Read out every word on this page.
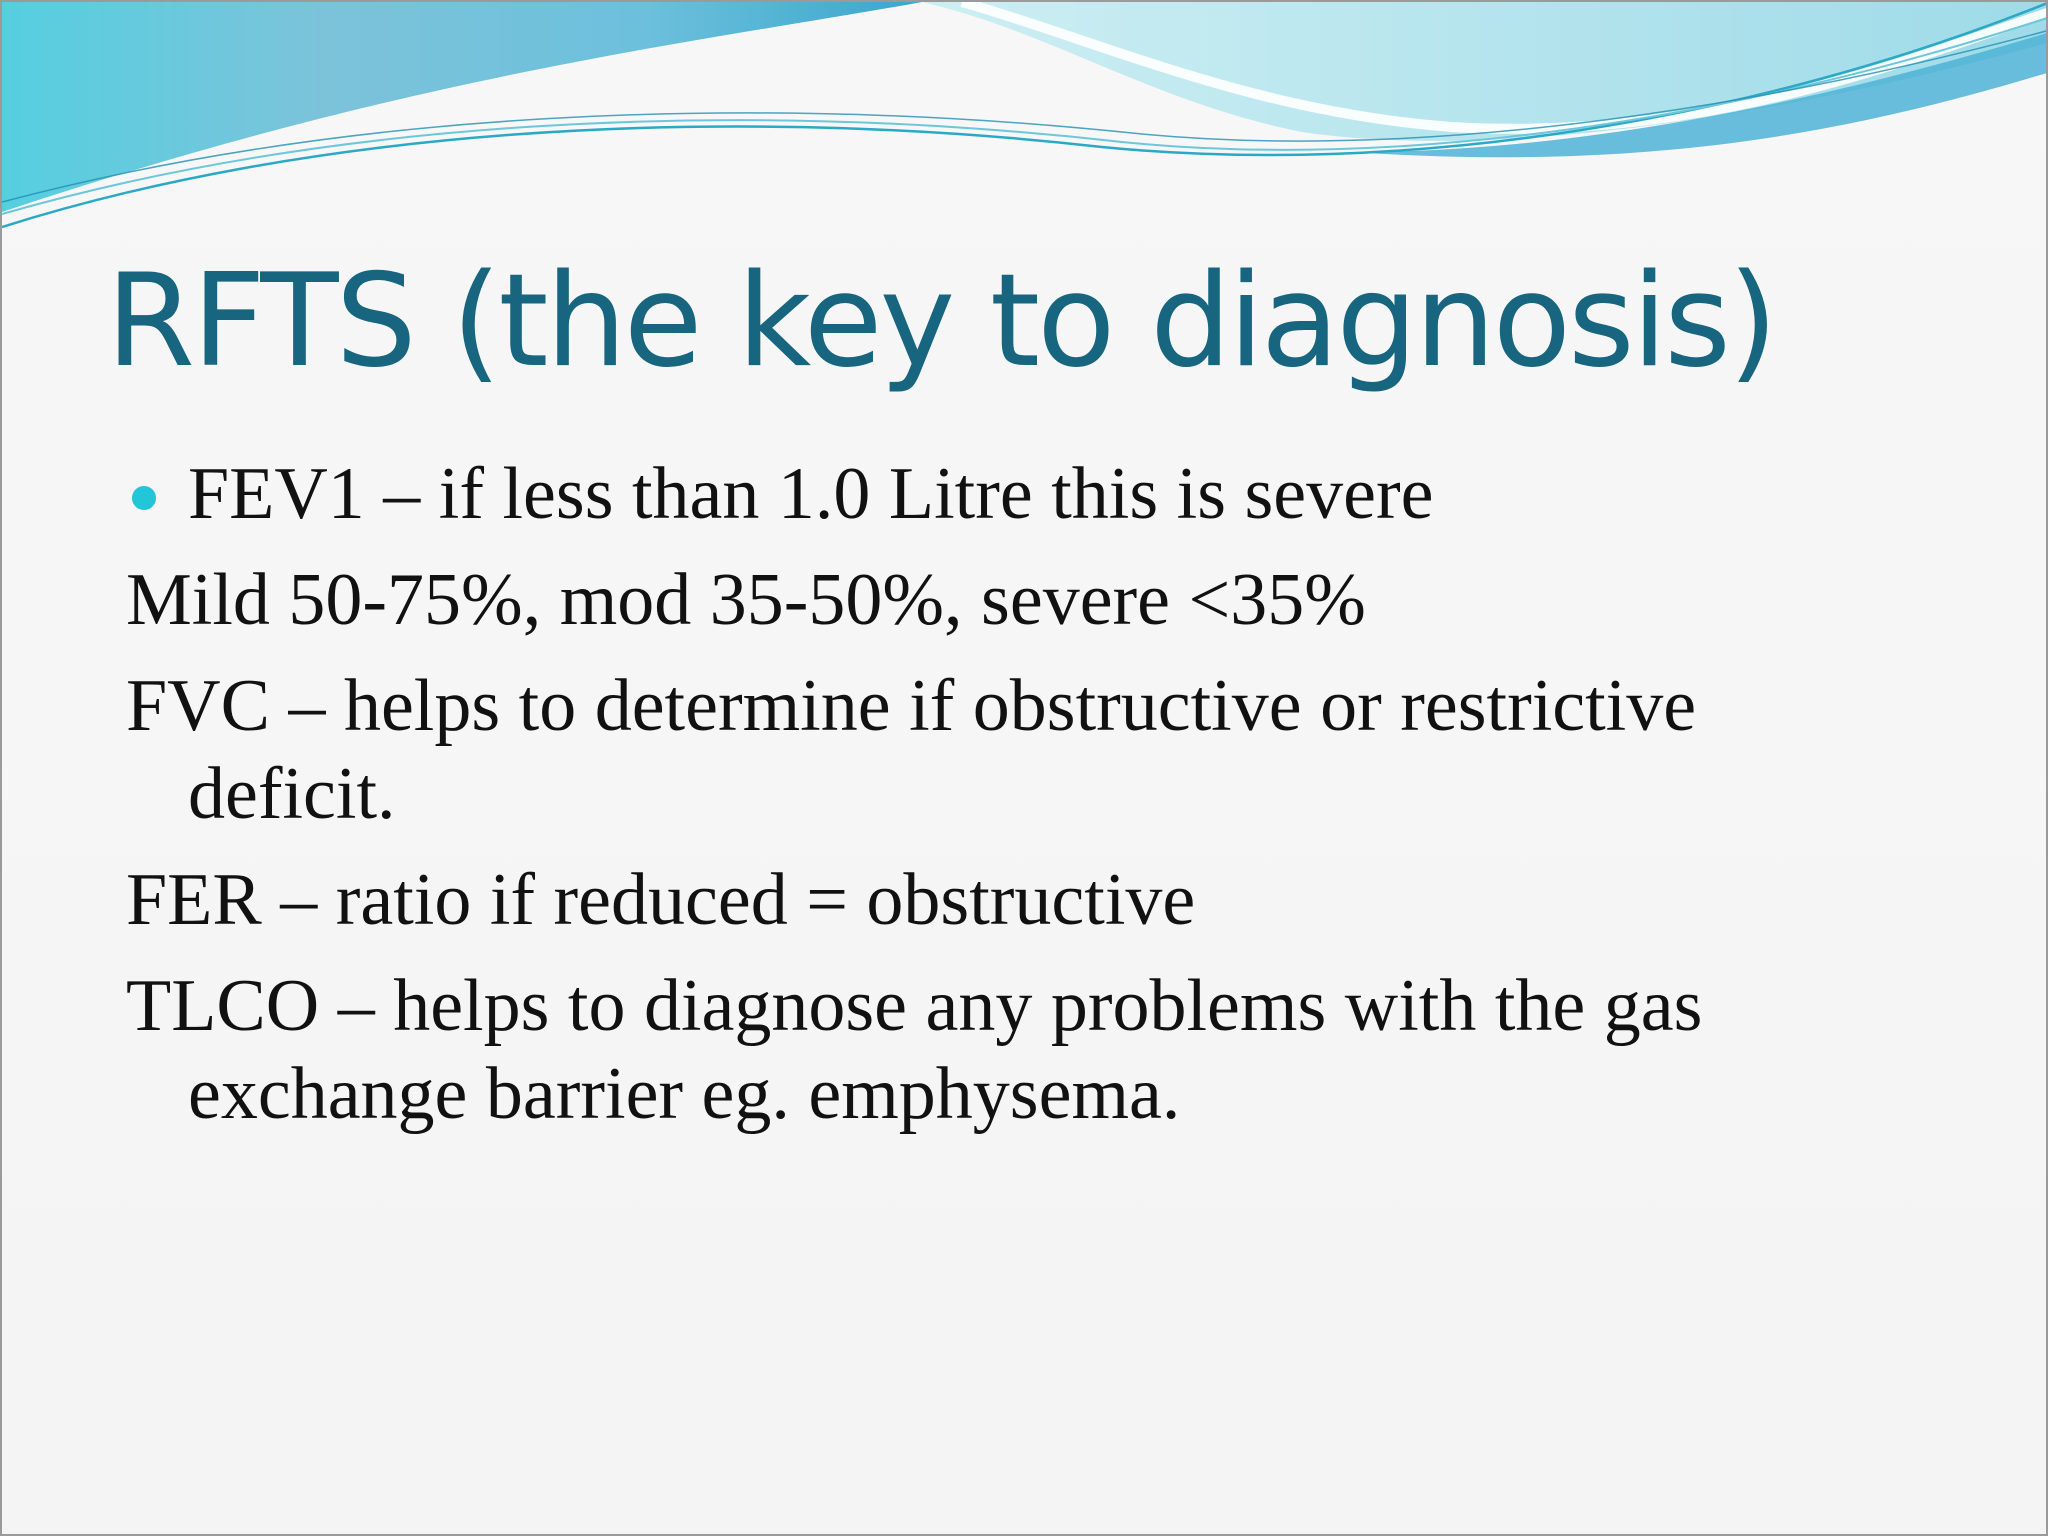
RFTS (the key to diagnosis)

FEV1 – if less than 1.0 Litre this is severe

Mild 50-75%, mod 35-50%, severe <35%

FVC – helps to determine if obstructive or restrictive
deficit.

FER – ratio if reduced = obstructive

TLCO – helps to diagnose any problems with the gas
exchange barrier eg. emphysema.
